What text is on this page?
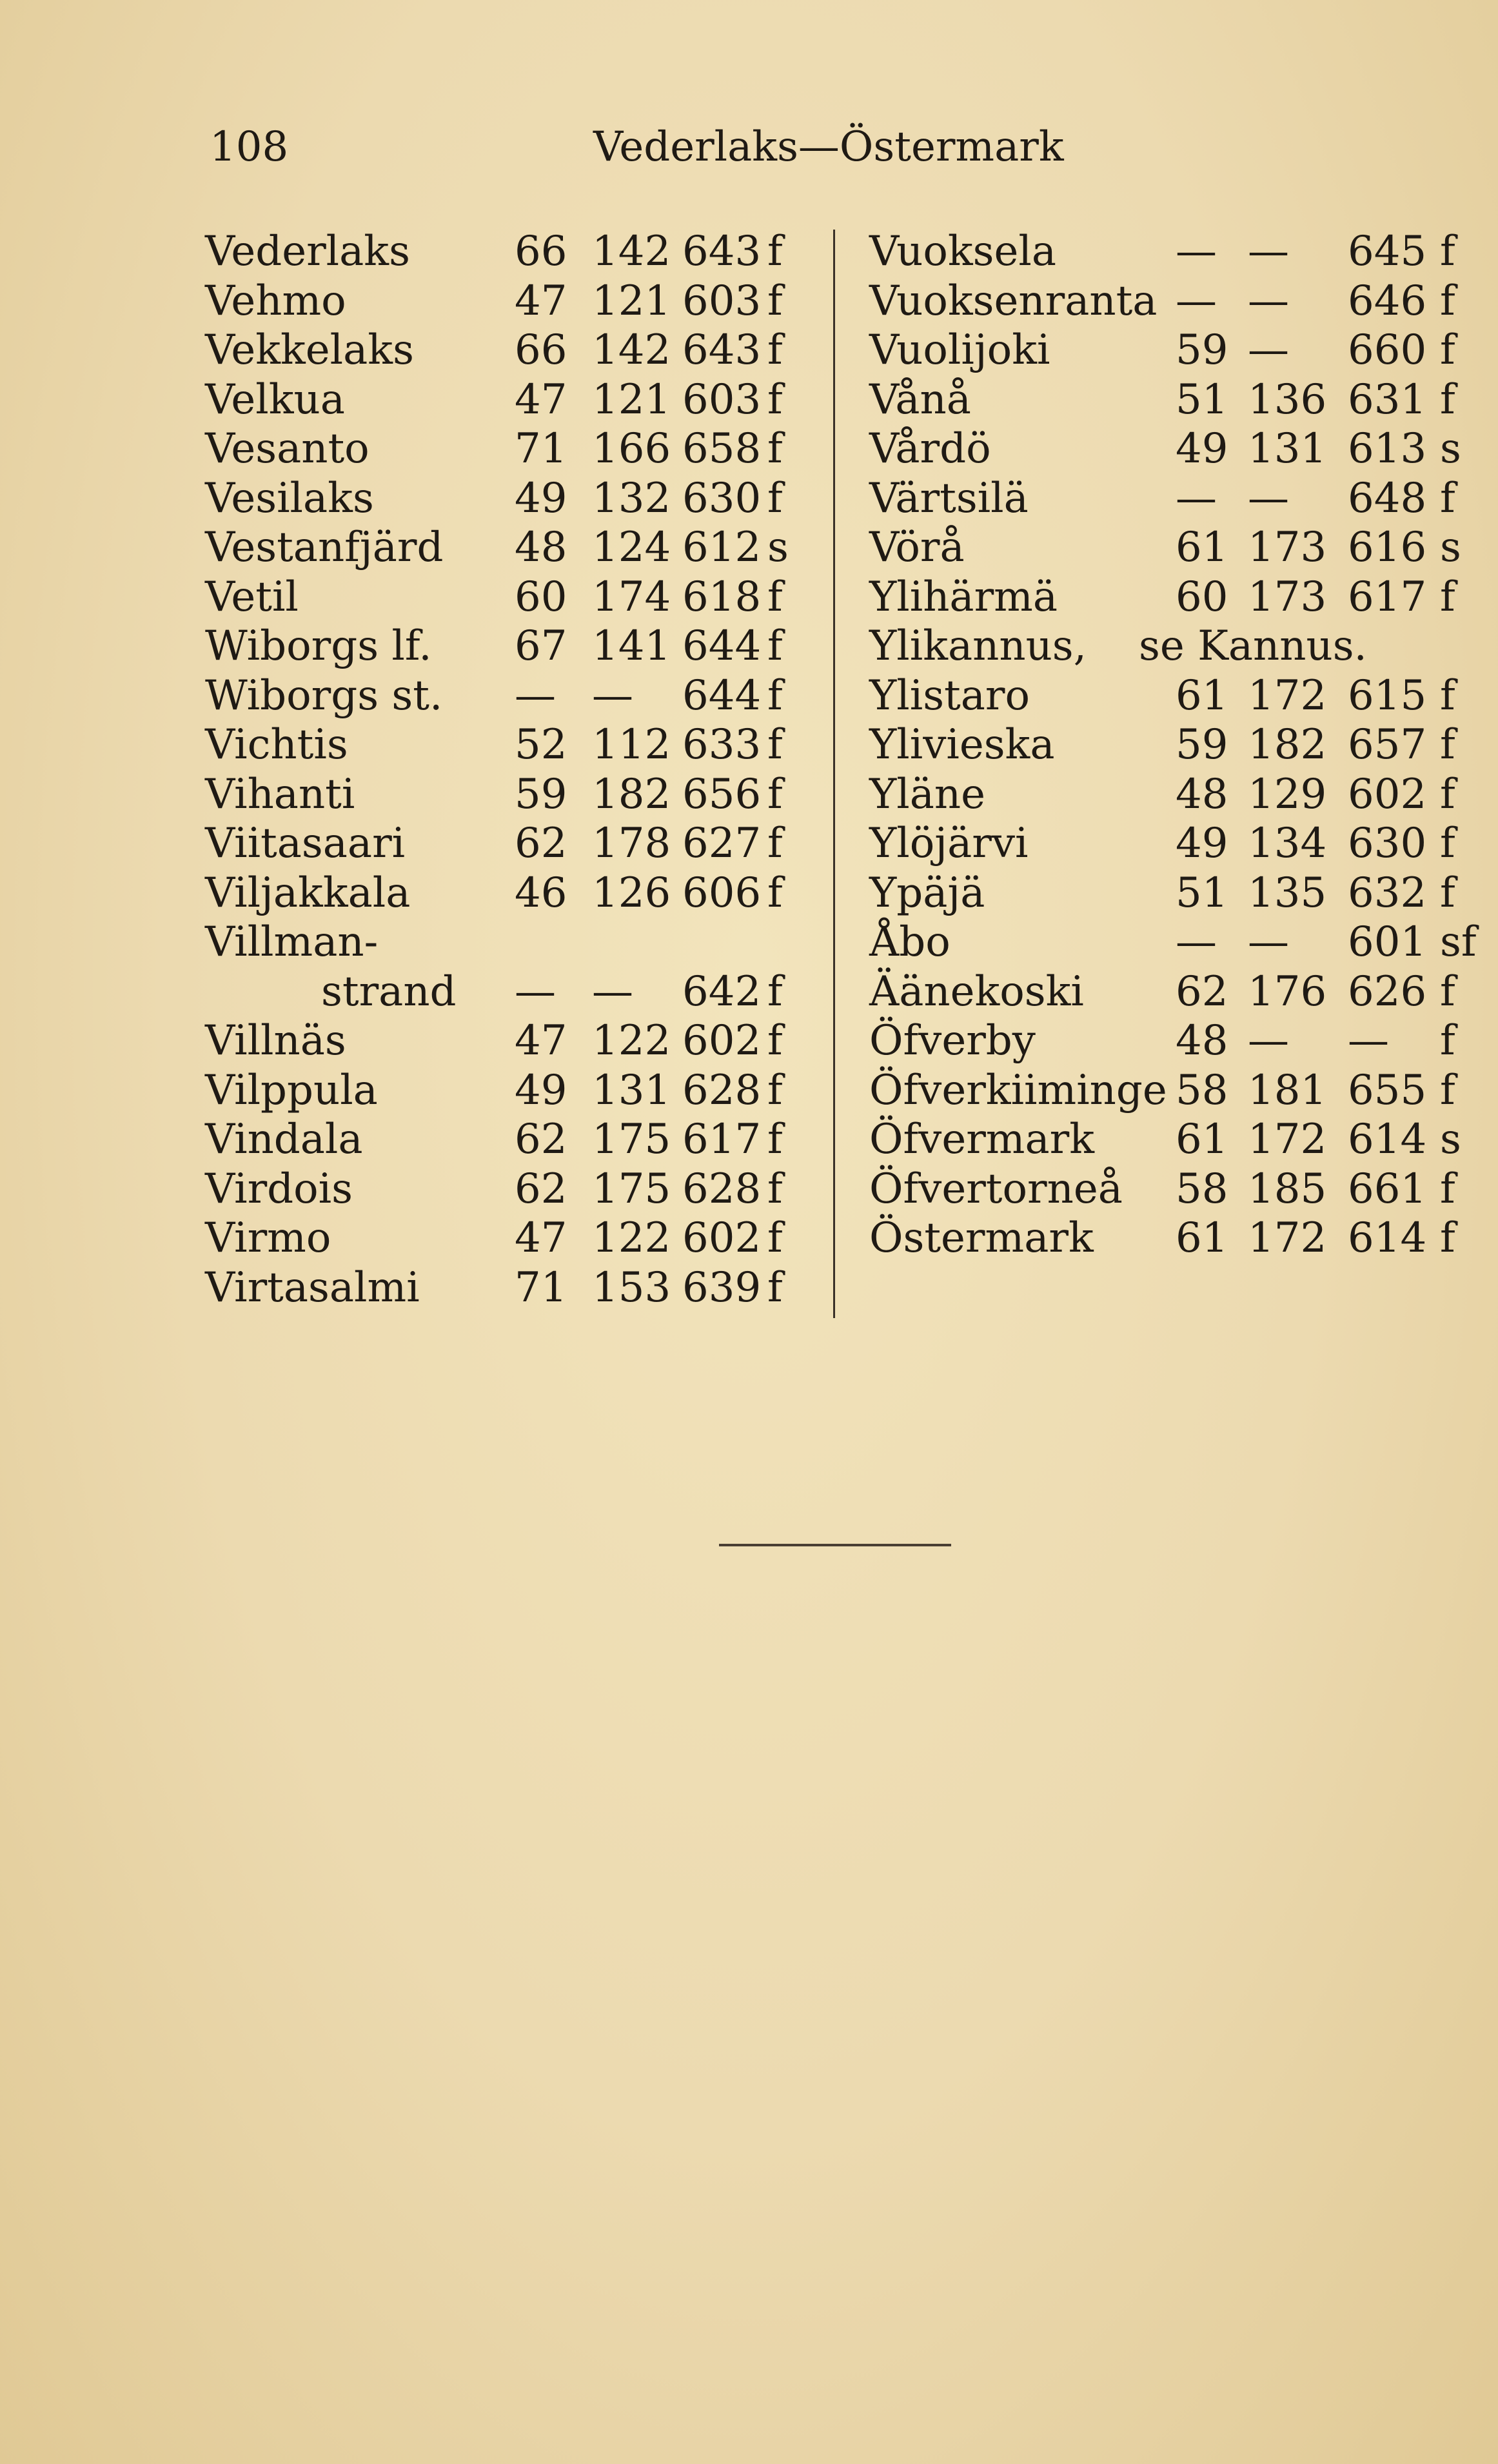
108	Vederlaks—Östermark
Vederlaks	66 142 643 f
Vehmo	47 121 603 f
Vekkelaks 66 142 643 f
Velkua	47 121 603 f
Vesanto	71 166 658 f
Vesilaks	49 132 630 f
Vestanfjärd 48 124 612 s
Vetil	60 174 618 f
Wiborgs lf. 67 141 644 f
Wiborgs st. — — 644 f
Vichtis	52 112 633 f
Vihanti	59 182 656 f
Viitasaari	62 178 627 f
Viljakkala	46 126 606 f
Villman-
strand — — 642 f
Villnäs	47 122 602 f
Vilppula	49 131 628 f
Vindala	62 175 617 f
Virdois	62 175 628 f
Virmo	47 122 602 f
Virtasalmi 71 153 639 f
Vuoksela	— — 645 f
Vuoksenranta — — 646 f
Vuolijoki	59 — 660 f
Vånå	51 136 631 f
Vårdö	49 131 613 s
Värtsilä	— — 648 f
Vörå	61 173 616 s
Ylihärmä	60 173 617 f
Ylikannus, se Kannus.
Ylistaro	61 172 615 f
Ylivieska	59 182 657 f
Yläne	48 129 602 f
Ylöjärvi	49 134 630 f
Ypäjä	51 135 632 f
Åbo	— — 601 sf
Äänekoski 62 176 626 f
Öfverby	48 — — f
Öfverkiiminge 58 181 655 f
Öfvermark 61 172 614 s
Öfvertorneå 58 185 661 f
Östermark 61 172 614 f
